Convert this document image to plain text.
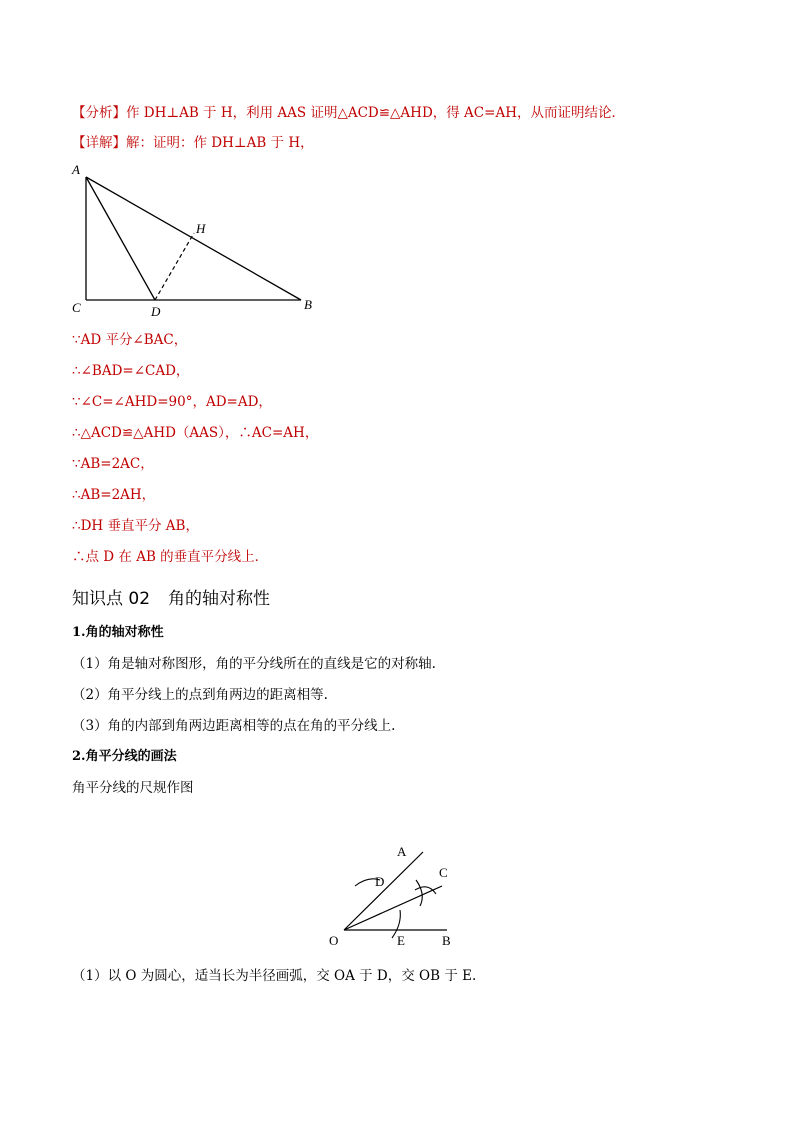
【分析】作 DH⊥AB 于 H，利用 AAS 证明△ACD≌△AHD，得 AC=AH，从而证明结论．
【详解】解：证明：作 DH⊥AB 于 H，
A
H
C	D	B
∵AD 平分∠BAC，
∴∠BAD=∠CAD，
∵∠C=∠AHD=90°，AD=AD，
∴△ACD≌△AHD（AAS），∴AC=AH，
∵AB=2AC，
∴AB=2AH，
∴DH 垂直平分 AB，
∴点 D 在 AB 的垂直平分线上．
知识点 02 角的轴对称性
1.角的轴对称性
（1）角是轴对称图形，角的平分线所在的直线是它的对称轴.
（2）角平分线上的点到角两边的距离相等.
（3）角的内部到角两边距离相等的点在角的平分线上.
2.角平分线的画法
角平分线的尺规作图
A
D
C
O	E	B
（1）以 O 为圆心，适当长为半径画弧，交 OA 于 D，交 OB 于 E.
